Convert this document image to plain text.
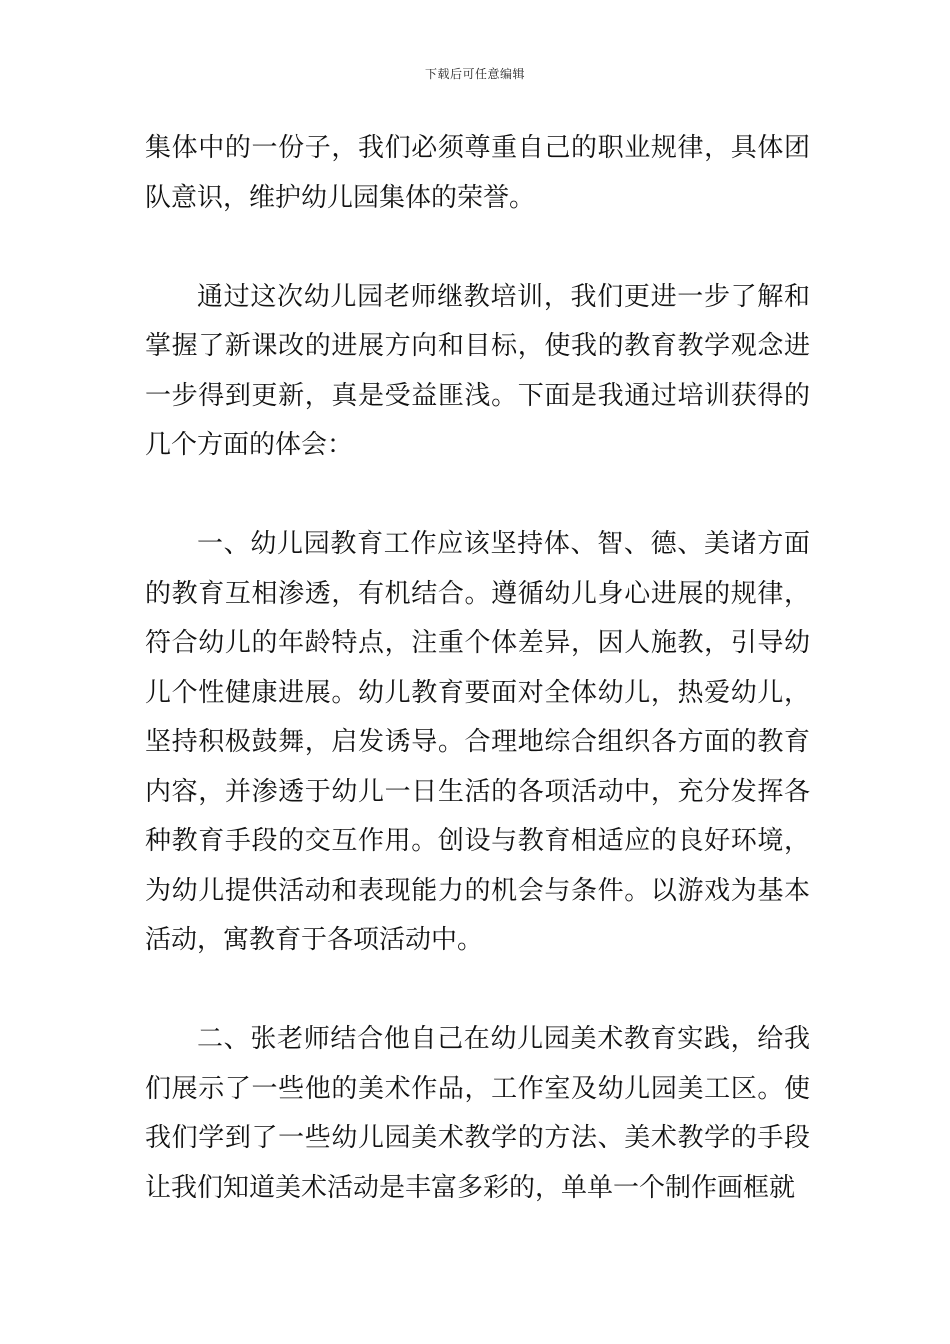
下载后可任意编辑

集体中的一份子，我们必须尊重自己的职业规律，具体团队意识，维护幼儿园集体的荣誉。

通过这次幼儿园老师继教培训，我们更进一步了解和掌握了新课改的进展方向和目标，使我的教育教学观念进一步得到更新，真是受益匪浅。下面是我通过培训获得的几个方面的体会：

一、幼儿园教育工作应该坚持体、智、德、美诸方面的教育互相渗透，有机结合。遵循幼儿身心进展的规律，符合幼儿的年龄特点，注重个体差异，因人施教，引导幼儿个性健康进展。幼儿教育要面对全体幼儿，热爱幼儿，坚持积极鼓舞，启发诱导。合理地综合组织各方面的教育内容，并渗透于幼儿一日生活的各项活动中，充分发挥各种教育手段的交互作用。创设与教育相适应的良好环境，为幼儿提供活动和表现能力的机会与条件。以游戏为基本活动，寓教育于各项活动中。

二、张老师结合他自己在幼儿园美术教育实践，给我们展示了一些他的美术作品，工作室及幼儿园美工区。使我们学到了一些幼儿园美术教学的方法、美术教学的手段让我们知道美术活动是丰富多彩的，单单一个制作画框就
